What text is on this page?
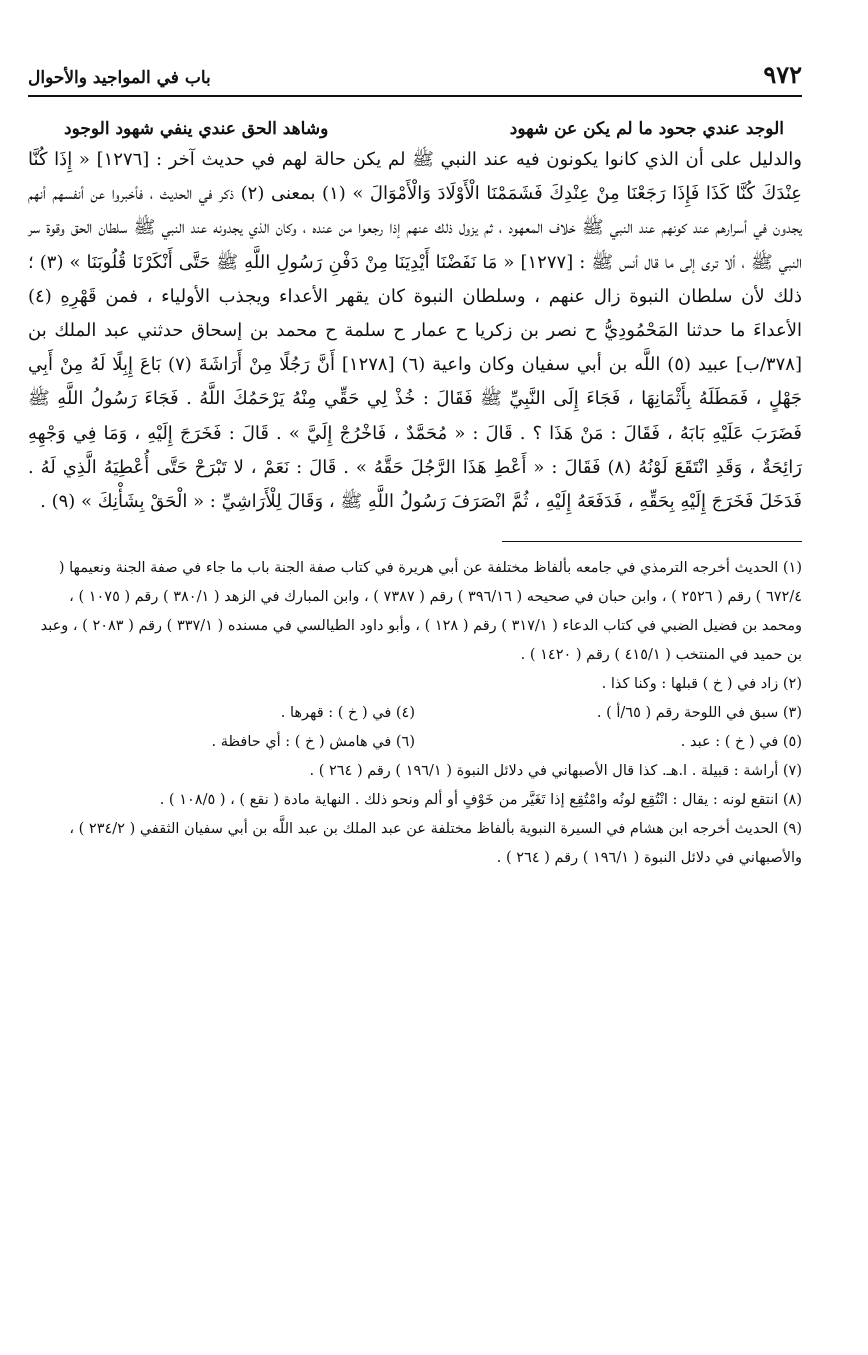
٩٧٢
باب في المواجيد والأحوال
الوجد عندي جحود ما لم يكن عن شهود
وشاهد الحق عندي ينفي شهود الوجود

والدليل على أن الذي كانوا يكونون فيه عند النبي ﷺ لم يكن حالة لهم في حديث آخر : [١٢٧٦] « إِذَا كُنَّا عِنْدَكَ كُنَّا كَذَا فَإِذَا رَجَعْنَا مِنْ عِنْدِكَ فَشَمَمْنَا الْأَوْلَادَ وَالْأَمْوَالَ » (١) بمعنى (٢) ذكر في الحديث ، فأخبروا عن أنفسهم أنهم يجدون في أسرارهم عند كونهم عند النبي ﷺ خلاف المعهود ، ثم يزول ذلك عنهم إذا رجعوا من عنده ، وكان الذي يجدونه عند النبي ﷺ سلطان الحق وقوة سر النبي ﷺ ، ألا ترى إلى ما قال أنس ﷺ : [١٢٧٧] « مَا نَفَضْنَا أَيْدِيَنَا مِنْ دَفْنِ رَسُولِ اللَّهِ ﷺ حَتَّى أَنْكَرْنَا قُلُوبَنَا » (٣) ؛ ذلك لأن سلطان النبوة زال عنهم ، وسلطان النبوة كان يقهر الأعداء ويجذب الأولياء ، فمن قَهْرِهِ (٤) الأعداءَ ما حدثنا المَحْمُودِيُّ ح نصر بن زكريا ح عمار ح سلمة ح محمد بن إسحاق حدثني عبد الملك بن [٣٧٨/ب] عبيد (٥) اللَّه بن أبي سفيان وكان واعية (٦) [١٢٧٨] أَنَّ رَجُلًا مِنْ أَرَاشَةَ (٧) بَاعَ إِبِلًا لَهُ مِنْ أَبِي جَهْلٍ ، فَمَطَلَهُ بِأَثْمَانِهَا ، فَجَاءَ إِلَى النَّبِيِّ ﷺ فَقَالَ : خُذْ لِي حَقِّي مِنْهُ يَرْحَمُكَ اللَّهُ . فَجَاءَ رَسُولُ اللَّهِ ﷺ فَضَرَبَ عَلَيْهِ بَابَهُ ، فَقَالَ : مَنْ هَذَا ؟ . قَالَ : « مُحَمَّدٌ ، فَاخْرُجْ إِلَيَّ » . قَالَ : فَخَرَجَ إِلَيْهِ ، وَمَا فِي وَجْهِهِ رَائِحَةٌ ، وَقَدِ انْتَقَعَ لَوْنُهُ (٨) فَقَالَ : « أَعْطِ هَذَا الرَّجُلَ حَقَّهُ » . قَالَ : نَعَمْ ، لا تَبْرَحْ حَتَّى أُعْطِيَهُ الَّذِي لَهُ . فَدَخَلَ فَخَرَجَ إِلَيْهِ بِحَقِّهِ ، فَدَفَعَهُ إِلَيْهِ ، ثُمَّ انْصَرَفَ رَسُولُ اللَّهِ ﷺ ، وَقَالَ لِلْأَرَاشِيِّ : « الْحَقْ بِشَأْنِكَ » (٩) .

(١) الحديث أخرجه الترمذي في جامعه بألفاظ مختلفة عن أبي هريرة في كتاب صفة الجنة باب ما جاء في صفة الجنة ونعيمها ( ٦٧٢/٤ ) رقم ( ٢٥٢٦ ) ، وابن حبان في صحيحه ( ٣٩٦/١٦ ) رقم ( ٧٣٨٧ ) ، وابن المبارك في الزهد ( ٣٨٠/١ ) رقم ( ١٠٧٥ ) ، ومحمد بن فضيل الضبي في كتاب الدعاء ( ٣١٧/١ ) رقم ( ١٢٨ ) ، وأبو داود الطيالسي في مسنده ( ٣٣٧/١ ) رقم ( ٢٠٨٣ ) ، وعبد بن حميد في المنتخب ( ٤١٥/١ ) رقم ( ١٤٢٠ ) .

(٢) زاد في ( خ ) قبلها : وكنا كذا .

(٣) سبق في اللوحة رقم ( ٦٥/أ ) .
(٤) في ( خ ) : قهرها .
(٥) في ( خ ) : عبد .
(٦) في هامش ( خ ) : أي حافظة .

(٧) أراشة : قبيلة . ا.هـ. كذا قال الأصبهاني في دلائل النبوة ( ١٩٦/١ ) رقم ( ٢٦٤ ) .

(٨) انتقع لونه : يقال : انْتُقِع لونُه وامْتُقِع إذا تَغَيَّر من خَوْفٍ أو ألم ونحو ذلك . النهاية مادة ( نقع ) ، ( ١٠٨/٥ ) .

(٩) الحديث أخرجه ابن هشام في السيرة النبوية بألفاظ مختلفة عن عبد الملك بن عبد اللَّه بن أبي سفيان الثقفي ( ٢٣٤/٢ ) ، والأصبهاني في دلائل النبوة ( ١٩٦/١ ) رقم ( ٢٦٤ ) .
